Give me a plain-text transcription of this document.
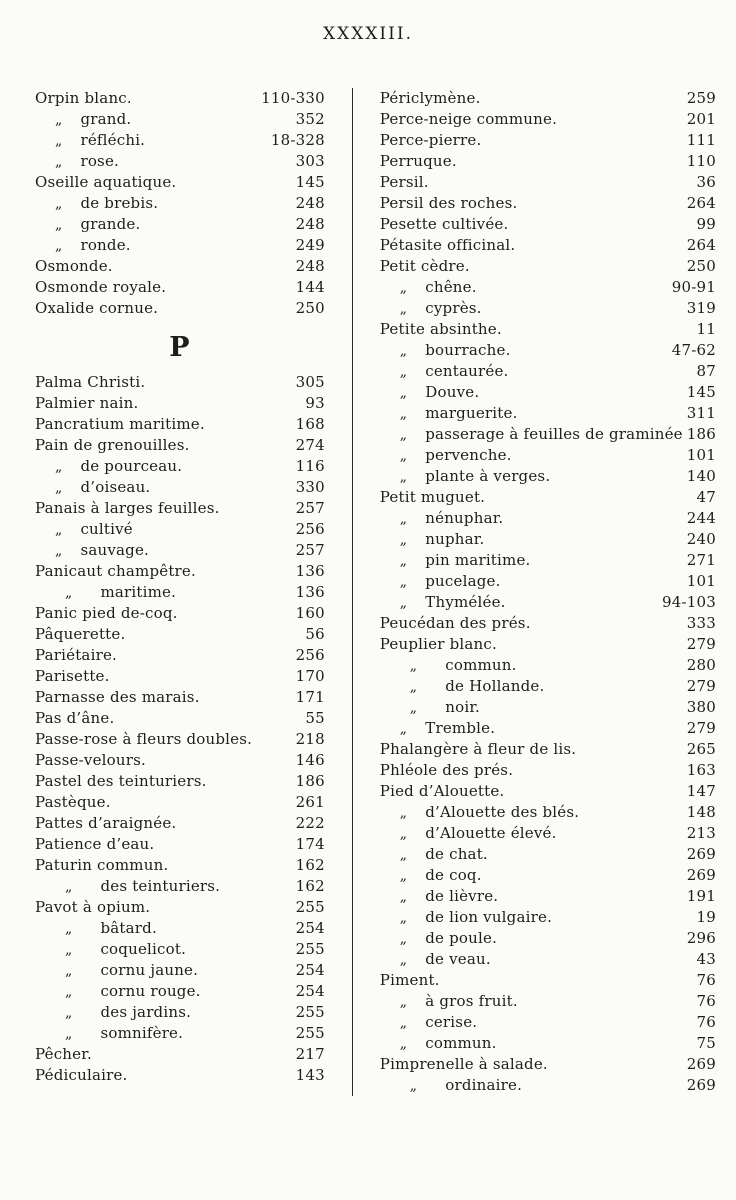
XXXXIII.
Orpin blanc.	110-330
„ grand.	352
„ réfléchi.	18-328
„ rose.	303
Oseille aquatique.	145
„ de brebis.	248
„ grande.	248
„ ronde.	249
Osmonde.	248
Osmonde royale.	144
Oxalide cornue.	250
P
Palma Christi.	305
Palmier nain.	93
Pancratium maritime.	168
Pain de grenouilles.	274
„ de pourceau.	116
„ d’oiseau.	330
Panais à larges feuilles.	257
„ cultivé	256
„ sauvage.	257
Panicaut champêtre.	136
„ maritime.	136
Panic pied de-coq.	160
Pâquerette.	56
Pariétaire.	256
Parisette.	170
Parnasse des marais.	171
Pas d’âne.	55
Passe-rose à fleurs doubles.	218
Passe-velours.	146
Pastel des teinturiers.	186
Pastèque.	261
Pattes d’araignée.	222
Patience d’eau.	174
Paturin commun.	162
„ des teinturiers.	162
Pavot à opium.	255
„ bâtard.	254
„ coquelicot.	255
„ cornu jaune.	254
„ cornu rouge.	254
„ des jardins.	255
„ somnifère.	255
Pêcher.	217
Pédiculaire.	143
Périclymène.	259
Perce-neige commune.	201
Perce-pierre.	111
Perruque.	110
Persil.	36
Persil des roches.	264
Pesette cultivée.	99
Pétasite officinal.	264
Petit cèdre.	250
„ chêne.	90-91
„ cyprès.	319
Petite absinthe.	11
„ bourrache.	47-62
„ centaurée.	87
„ Douve.	145
„ marguerite.	311
„ passerage à feuilles de graminée 186
„ pervenche.	101
„ plante à verges.	140
Petit muguet.	47
„ nénuphar.	244
„ nuphar.	240
„ pin maritime.	271
„ pucelage.	101
„ Thymélée.	94-103
Peucédan des prés.	333
Peuplier blanc.	279
„ commun.	280
„ de Hollande.	279
„ noir.	380
„ Tremble.	279
Phalangère à fleur de lis.	265
Phléole des prés.	163
Pied d’Alouette.	147
„ d’Alouette des blés.	148
„ d’Alouette élevé.	213
„ de chat.	269
„ de coq.	269
„ de lièvre.	191
„ de lion vulgaire.	19
„ de poule.	296
„ de veau.	43
Piment.	76
„ à gros fruit.	76
„ cerise.	76
„ commun.	75
Pimprenelle à salade.	269
„ ordinaire.	269
